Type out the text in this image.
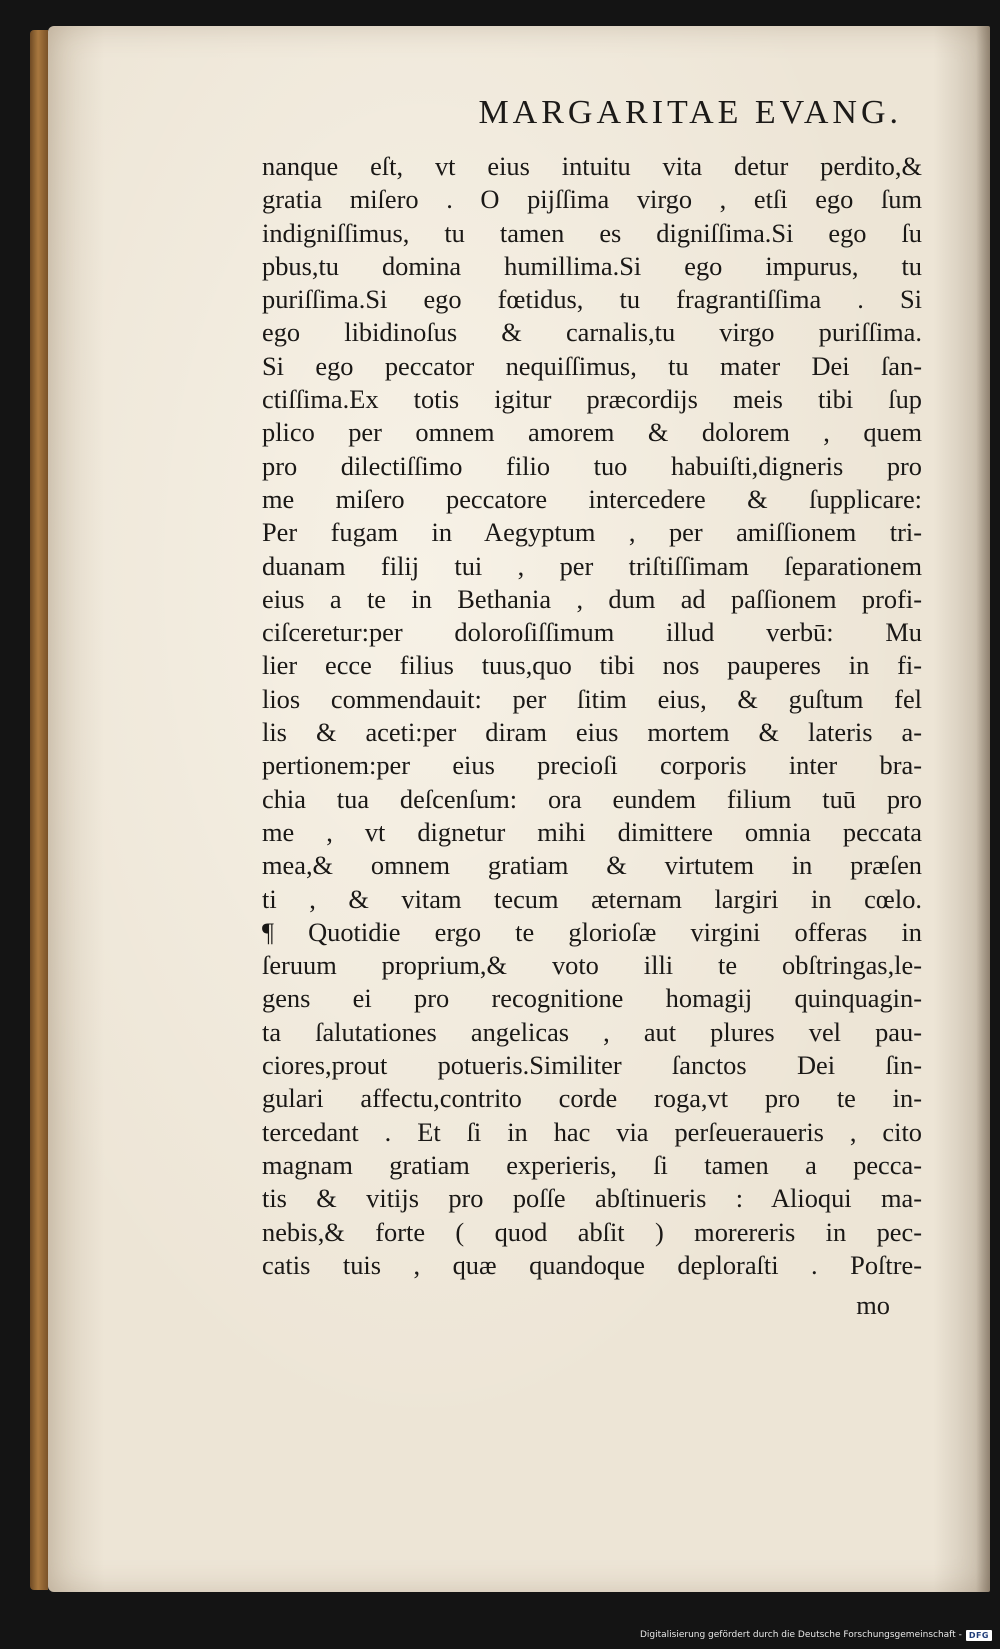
MARGARITAE EVANG.
nanque eſt, vt eius intuitu vita detur perdito,&
gratia miſero . O pijſſima virgo , etſi ego ſum
indigniſſimus, tu tamen es digniſſima.Si ego ſu
pbus,tu domina humillima.Si ego impurus, tu
puriſſima.Si ego fœtidus, tu fragrantiſſima . Si
ego libidinoſus & carnalis,tu virgo puriſſima.
Si ego peccator nequiſſimus, tu mater Dei ſan-
ctiſſima.Ex totis igitur præcordijs meis tibi ſup
plico per omnem amorem & dolorem , quem
pro dilectiſſimo filio tuo habuiſti,digneris pro
me miſero peccatore intercedere & ſupplicare:
Per fugam in Aegyptum , per amiſſionem tri-
duanam filij tui , per triſtiſſimam ſeparationem
eius a te in Bethania , dum ad paſſionem profi-
ciſceretur:per doloroſiſſimum illud verbū: Mu
lier ecce filius tuus,quo tibi nos pauperes in fi-
lios commendauit: per ſitim eius, & guſtum fel
lis & aceti:per diram eius mortem & lateris a-
pertionem:per eius precioſi corporis inter bra-
chia tua deſcenſum: ora eundem filium tuū pro
me , vt dignetur mihi dimittere omnia peccata
mea,& omnem gratiam & virtutem in præſen
ti , & vitam tecum æternam largiri in cœlo.
¶ Quotidie ergo te glorioſæ virgini offeras in
ſeruum proprium,& voto illi te obſtringas,le-
gens ei pro recognitione homagij quinquagin-
ta ſalutationes angelicas , aut plures vel pau-
ciores,prout potueris.Similiter ſanctos Dei ſin-
gulari affectu,contrito corde roga,vt pro te in-
tercedant . Et ſi in hac via perſeueraueris , cito
magnam gratiam experieris, ſi tamen a pecca-
tis & vitijs pro poſſe abſtinueris : Alioqui ma-
nebis,& forte ( quod abſit ) morereris in pec-
catis tuis , quæ quandoque deploraſti . Poſtre-
mo
Digitalisierung gefördert durch die Deutsche Forschungsgemeinschaft - DFG
